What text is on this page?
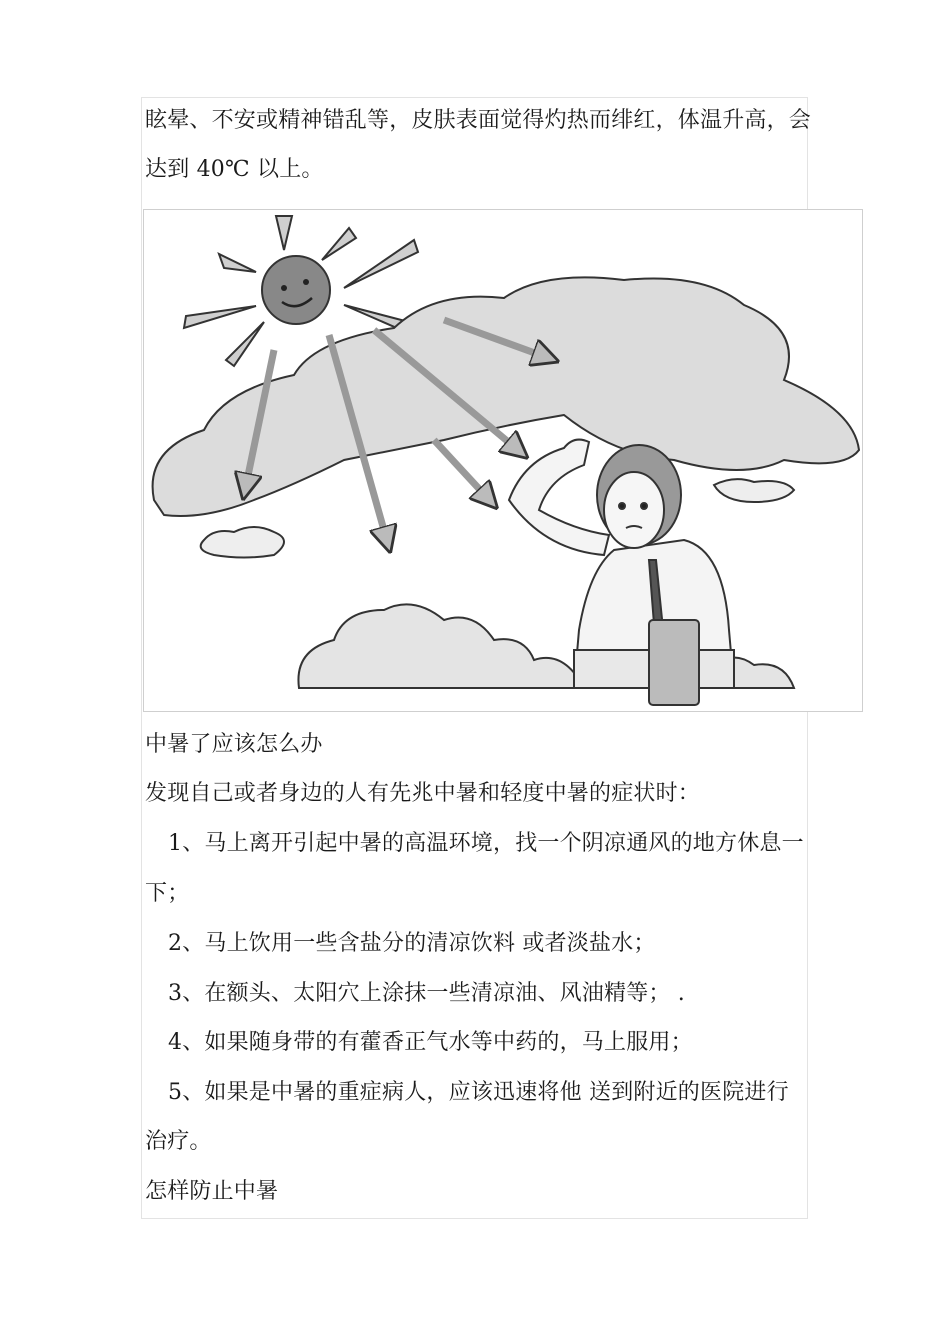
眩晕、不安或精神错乱等，皮肤表面觉得灼热而绯红，体温升高，会
达到 40℃ 以上。
中暑了应该怎么办
发现自己或者身边的人有先兆中暑和轻度中暑的症状时：
1、马上离开引起中暑的高温环境，找一个阴凉通风的地方休息一
下；
2、马上饮用一些含盐分的清凉饮料 或者淡盐水；
3、在额头、太阳穴上涂抹一些清凉油、风油精等； .
4、如果随身带的有藿香正气水等中药的，马上服用；
5、如果是中暑的重症病人，应该迅速将他 送到附近的医院进行
治疗。
怎样防止中暑
